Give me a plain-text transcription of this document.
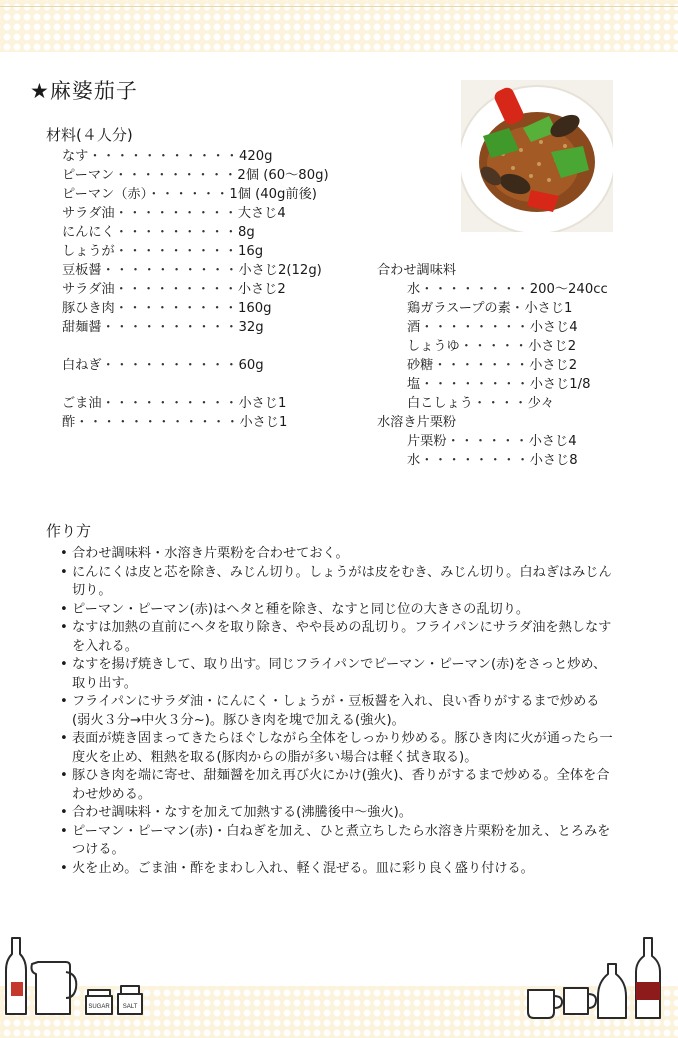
★麻婆茄子
材料(４人分)
なす・・・・・・・・・・・420g
ピーマン・・・・・・・・・2個 (60～80g)
ピーマン（赤）・・・・・・1個 (40g前後)
サラダ油・・・・・・・・・大さじ4
にんにく・・・・・・・・・8g
しょうが・・・・・・・・・16g
豆板醤・・・・・・・・・・小さじ2(12g)
サラダ油・・・・・・・・・小さじ2
豚ひき肉・・・・・・・・・160g
甜麺醤・・・・・・・・・・32g
白ねぎ・・・・・・・・・・60g
ごま油・・・・・・・・・・小さじ1
酢・・・・・・・・・・・・小さじ1
合わせ調味料
水・・・・・・・・200～240cc
鶏ガラスープの素・小さじ1
酒・・・・・・・・小さじ4
しょうゆ・・・・・小さじ2
砂糖・・・・・・・小さじ2
塩・・・・・・・・小さじ1/8
白こしょう・・・・少々
水溶き片栗粉
片栗粉・・・・・・小さじ4
水・・・・・・・・小さじ8
作り方

• 合わせ調味料・水溶き片栗粉を合わせておく。

• にんにくは皮と芯を除き、みじん切り。しょうがは皮をむき、みじん切り。白ねぎはみじん切り。

• ピーマン・ピーマン(赤)はヘタと種を除き、なすと同じ位の大きさの乱切り。

• なすは加熱の直前にヘタを取り除き、やや長めの乱切り。フライパンにサラダ油を熱しなすを入れる。

• なすを揚げ焼きして、取り出す。同じフライパンでピーマン・ピーマン(赤)をさっと炒め、取り出す。

• フライパンにサラダ油・にんにく・しょうが・豆板醤を入れ、良い香りがするまで炒める(弱火３分→中火３分~)。豚ひき肉を塊で加える(強火)。

• 表面が焼き固まってきたらほぐしながら全体をしっかり炒める。豚ひき肉に火が通ったら一度火を止め、粗熱を取る(豚肉からの脂が多い場合は軽く拭き取る)。

• 豚ひき肉を端に寄せ、甜麺醤を加え再び火にかけ(強火)、香りがするまで炒める。全体を合わせ炒める。

• 合わせ調味料・なすを加えて加熱する(沸騰後中～強火)。

• ピーマン・ピーマン(赤)・白ねぎを加え、ひと煮立ちしたら水溶き片栗粉を加え、とろみをつける。

• 火を止め。ごま油・酢をまわし入れ、軽く混ぜる。皿に彩り良く盛り付ける。

SUGAR SALT
